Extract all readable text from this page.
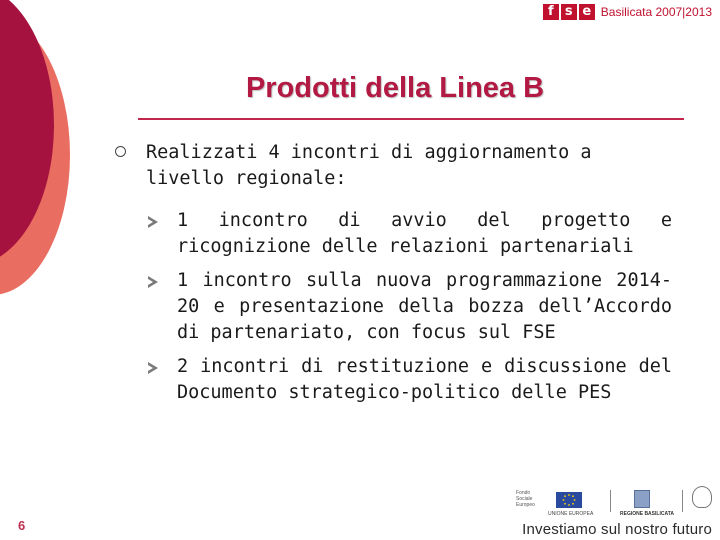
f s e Basilicata 2007|2013
Prodotti della Linea B
Realizzati 4 incontri di aggiornamento a livello regionale:
1 incontro di avvio del progetto e ricognizione delle relazioni partenariali
1 incontro sulla nuova programmazione 2014-20 e presentazione della bozza dell’Accordo di partenariato, con focus sul FSE
2 incontri di restituzione e discussione del Documento strategico-politico delle PES
6
Fondo Sociale Europeo
UNIONE EUROPEA	REGIONE BASILICATA
Investiamo sul nostro futuro
